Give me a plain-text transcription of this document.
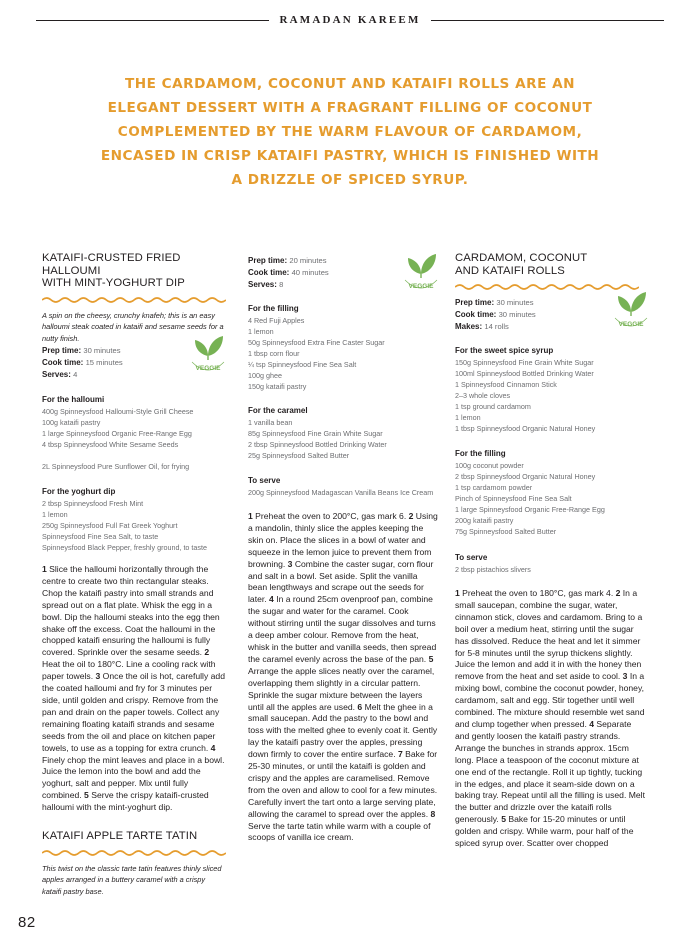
RAMADAN KAREEM
THE CARDAMOM, COCONUT AND KATAIFI ROLLS ARE AN
ELEGANT DESSERT WITH A FRAGRANT FILLING OF COCONUT
COMPLEMENTED BY THE WARM FLAVOUR OF CARDAMOM,
ENCASED IN CRISP KATAIFI PASTRY, WHICH IS FINISHED WITH
A DRIZZLE OF SPICED SYRUP.
KATAIFI-CRUSTED FRIED HALLOUMI
WITH MINT-YOGHURT DIP
A spin on the cheesy, crunchy knafeh; this is an easy
halloumi steak coated in kataifi and sesame seeds for a
nutty finish.
Prep time: 30 minutes
Cook time: 15 minutes
Serves: 4
For the halloumi
400g Spinneysfood Halloumi-Style Grill Cheese
100g kataifi pastry
1 large Spinneysfood Organic Free-Range Egg
4 tbsp Spinneysfood White Sesame Seeds
2L Spinneysfood Pure Sunflower Oil, for frying
For the yoghurt dip
2 tbsp Spinneysfood Fresh Mint
1 lemon
250g Spinneysfood Full Fat Greek Yoghurt
Spinneysfood Fine Sea Salt, to taste
Spinneysfood Black Pepper, freshly ground, to taste
1 Slice the halloumi horizontally through the centre to create two thin rectangular steaks. Chop the kataifi pastry into small strands and spread out on a flat plate. Whisk the egg in a bowl. Dip the halloumi steaks into the egg then shake off the excess. Coat the halloumi in the chopped kataifi ensuring the halloumi is fully covered. Sprinkle over the sesame seeds. 2 Heat the oil to 180°C. Line a cooling rack with paper towels. 3 Once the oil is hot, carefully add the coated halloumi and fry for 3 minutes per side, until golden and crispy. Remove from the pan and drain on the paper towels. Collect any remaining floating kataifi strands and sesame seeds from the oil and place on kitchen paper towels, to use as a topping for extra crunch. 4 Finely chop the mint leaves and place in a bowl. Juice the lemon into the bowl and add the yoghurt, salt and pepper. Mix until fully combined. 5 Serve the crispy kataifi-crusted halloumi with the mint-yoghurt dip.
KATAIFI APPLE TARTE TATIN
This twist on the classic tarte tatin features thinly sliced
apples arranged in a buttery caramel with a crispy
kataifi pastry base.
VEGGIE
Prep time: 20 minutes
Cook time: 40 minutes
Serves: 8
For the filling
4 Red Fuji Apples
1 lemon
50g Spinneysfood Extra Fine Caster Sugar
1 tbsp corn flour
¼ tsp Spinneysfood Fine Sea Salt
100g ghee
150g kataifi pastry
For the caramel
1 vanilla bean
85g Spinneysfood Fine Grain White Sugar
2 tbsp Spinneysfood Bottled Drinking Water
25g Spinneysfood Salted Butter
To serve
200g Spinneysfood Madagascan Vanilla Beans Ice Cream
1 Preheat the oven to 200°C, gas mark 6. 2 Using a mandolin, thinly slice the apples keeping the skin on. Place the slices in a bowl of water and squeeze in the lemon juice to prevent them from browning. 3 Combine the caster sugar, corn flour and salt in a bowl. Set aside. Split the vanilla bean lengthways and scrape out the seeds for later. 4 In a round 25cm ovenproof pan, combine the sugar and water for the caramel. Cook without stirring until the sugar dissolves and turns a deep amber colour. Remove from the heat, whisk in the butter and vanilla seeds, then spread the caramel evenly across the base of the pan. 5 Arrange the apple slices neatly over the caramel, overlapping them slightly in a circular pattern. Sprinkle the sugar mixture between the layers until all the apples are used. 6 Melt the ghee in a small saucepan. Add the pastry to the bowl and toss with the melted ghee to evenly coat it. Gently lay the kataifi pastry over the apples, pressing down firmly to cover the entire surface. 7 Bake for 25-30 minutes, or until the kataifi is golden and crispy and the apples are caramelised. Remove from the oven and allow to cool for a few minutes. Carefully invert the tart onto a large serving plate, allowing the caramel to spread over the apples. 8 Serve the tarte tatin while warm with a couple of scoops of vanilla ice cream.
VEGGIE
CARDAMOM, COCONUT
AND KATAIFI ROLLS
Prep time: 30 minutes
Cook time: 30 minutes
Makes: 14 rolls
For the sweet spice syrup
150g Spinneysfood Fine Grain White Sugar
100ml Spinneysfood Bottled Drinking Water
1 Spinneysfood Cinnamon Stick
2–3 whole cloves
1 tsp ground cardamom
1 lemon
1 tbsp Spinneysfood Organic Natural Honey
For the filling
100g coconut powder
2 tbsp Spinneysfood Organic Natural Honey
1 tsp cardamom powder
Pinch of Spinneysfood Fine Sea Salt
1 large Spinneysfood Organic Free-Range Egg
200g kataifi pastry
75g Spinneysfood Salted Butter
To serve
2 tbsp pistachios slivers
1 Preheat the oven to 180°C, gas mark 4. 2 In a small saucepan, combine the sugar, water, cinnamon stick, cloves and cardamom. Bring to a boil over a medium heat, stirring until the sugar has dissolved. Reduce the heat and let it simmer for 5-8 minutes until the syrup thickens slightly. Juice the lemon and add it in with the honey then remove from the heat and set aside to cool. 3 In a mixing bowl, combine the coconut powder, honey, cardamom, salt and egg. Stir together until well combined. The mixture should resemble wet sand and clump together when pressed. 4 Separate and gently loosen the kataifi pastry strands. Arrange the bunches in strands approx. 15cm long. Place a teaspoon of the coconut mixture at one end of the rectangle. Roll it up tightly, tucking in the edges, and place it seam-side down on a baking tray. Repeat until all the filling is used. Melt the butter and drizzle over the kataifi rolls generously. 5 Bake for 15-20 minutes or until golden and crispy. While warm, pour half of the spiced syrup over. Scatter over chopped
VEGGIE
82
